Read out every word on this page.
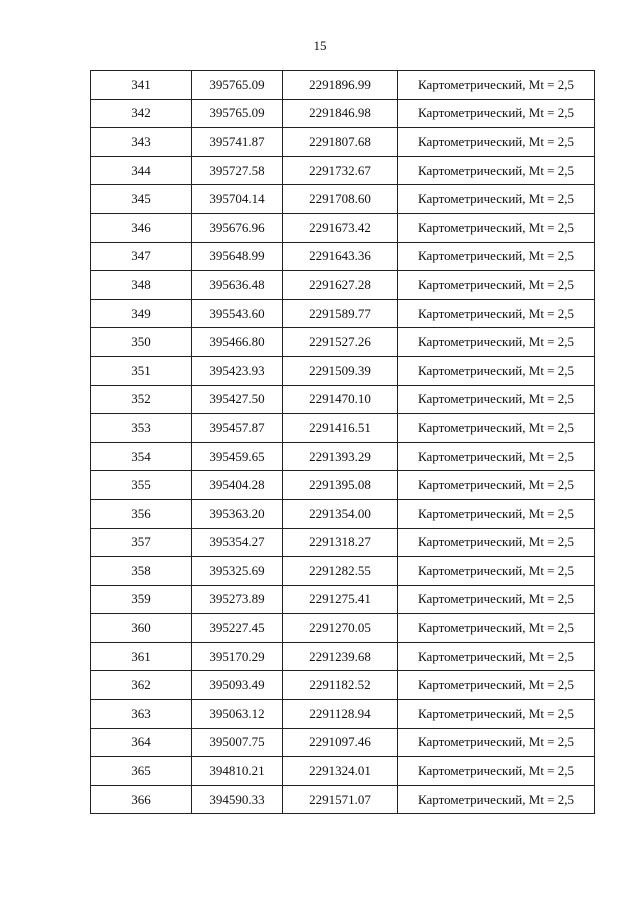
15
341	395765.09	2291896.99	Картометрический, Mt = 2,5
342	395765.09	2291846.98	Картометрический, Mt = 2,5
343	395741.87	2291807.68	Картометрический, Mt = 2,5
344	395727.58	2291732.67	Картометрический, Mt = 2,5
345	395704.14	2291708.60	Картометрический, Mt = 2,5
346	395676.96	2291673.42	Картометрический, Mt = 2,5
347	395648.99	2291643.36	Картометрический, Mt = 2,5
348	395636.48	2291627.28	Картометрический, Mt = 2,5
349	395543.60	2291589.77	Картометрический, Mt = 2,5
350	395466.80	2291527.26	Картометрический, Mt = 2,5
351	395423.93	2291509.39	Картометрический, Mt = 2,5
352	395427.50	2291470.10	Картометрический, Mt = 2,5
353	395457.87	2291416.51	Картометрический, Mt = 2,5
354	395459.65	2291393.29	Картометрический, Mt = 2,5
355	395404.28	2291395.08	Картометрический, Mt = 2,5
356	395363.20	2291354.00	Картометрический, Mt = 2,5
357	395354.27	2291318.27	Картометрический, Mt = 2,5
358	395325.69	2291282.55	Картометрический, Mt = 2,5
359	395273.89	2291275.41	Картометрический, Mt = 2,5
360	395227.45	2291270.05	Картометрический, Mt = 2,5
361	395170.29	2291239.68	Картометрический, Mt = 2,5
362	395093.49	2291182.52	Картометрический, Mt = 2,5
363	395063.12	2291128.94	Картометрический, Mt = 2,5
364	395007.75	2291097.46	Картометрический, Mt = 2,5
365	394810.21	2291324.01	Картометрический, Mt = 2,5
366	394590.33	2291571.07	Картометрический, Mt = 2,5
